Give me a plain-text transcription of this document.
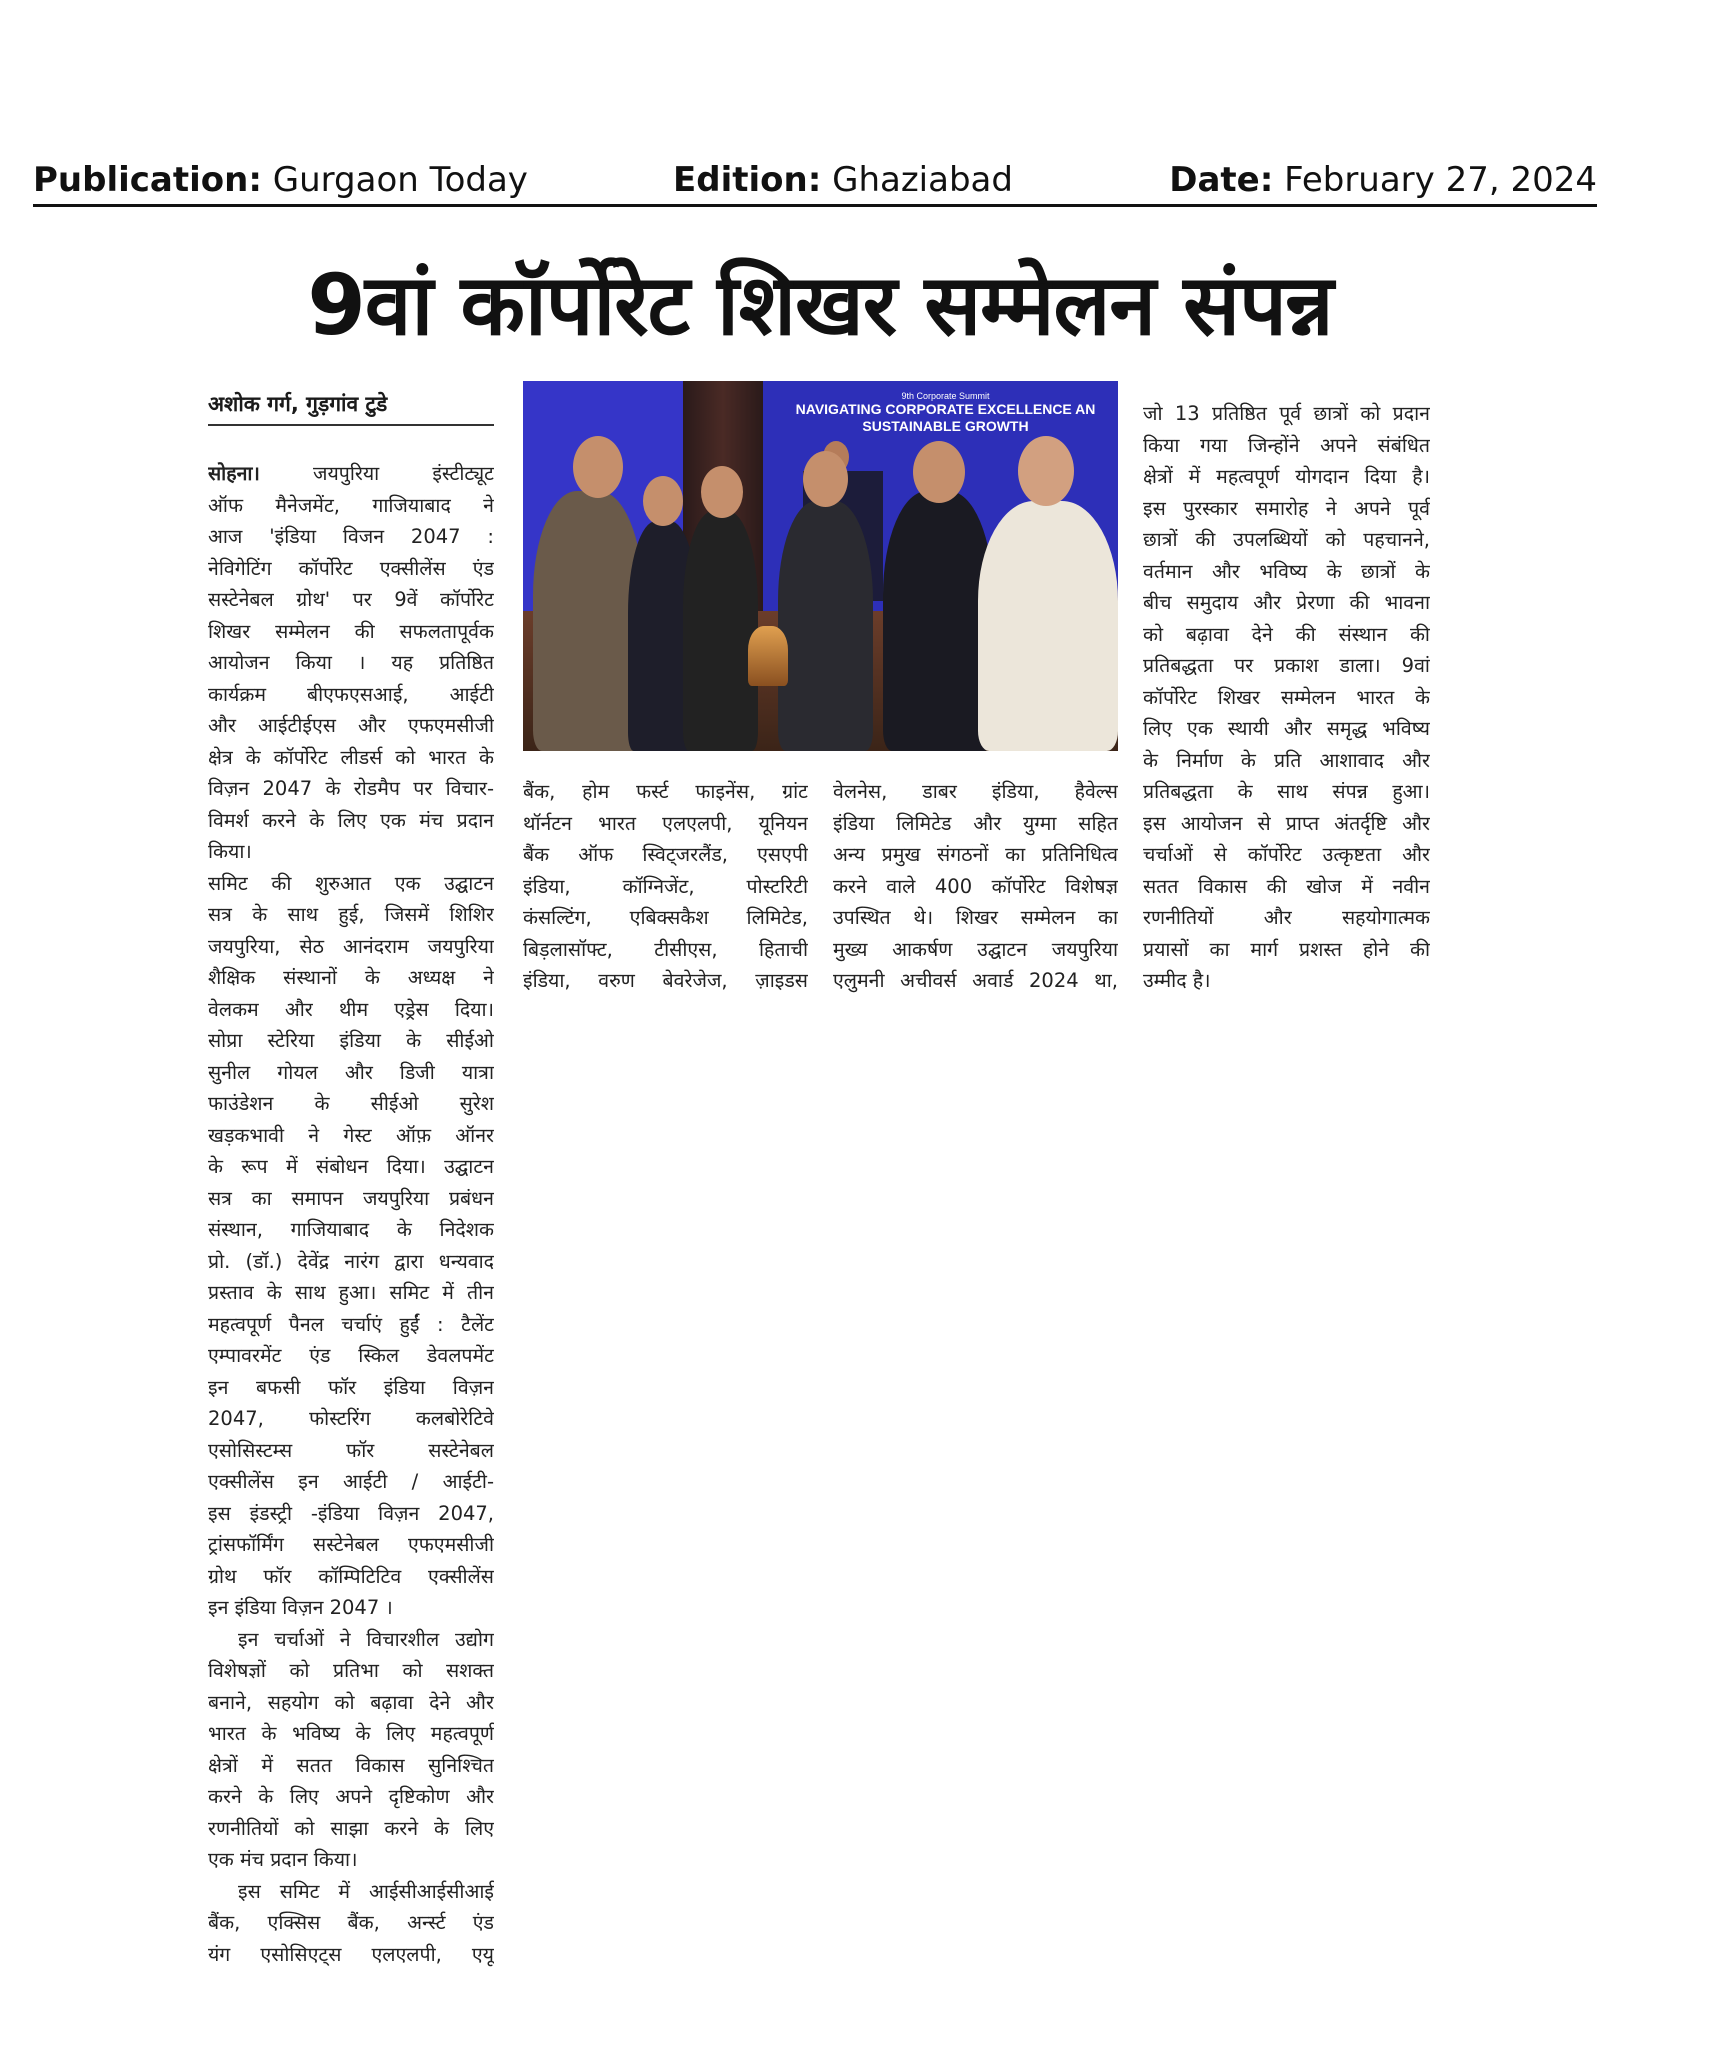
Publication: Gurgaon Today	Edition: Ghaziabad	Date: February 27, 2024
9वां कॉर्पोरेट शिखर सम्मेलन संपन्न
अशोक गर्ग, गुड़गांव टुडे	9th Corporate Summit
NAVIGATING CORPORATE EXCELLENCE AN
SUSTAINABLE GROWTH
सोहना। जयपुरिया इंस्टीट्यूट
ऑफ मैनेजमेंट, गाजियाबाद ने
आज 'इंडिया विजन 2047 :
नेविगेटिंग कॉर्पोरेट एक्सीलेंस एंड
सस्टेनेबल ग्रोथ' पर 9वें कॉर्पोरेट
शिखर सम्मेलन की सफलतापूर्वक
आयोजन किया । यह प्रतिष्ठित
कार्यक्रम बीएफएसआई, आईटी
और आईटीईएस और एफएमसीजी
क्षेत्र के कॉर्पोरेट लीडर्स को भारत के
विज़न 2047 के रोडमैप पर विचार-
विमर्श करने के लिए एक मंच प्रदान
किया।
समिट की शुरुआत एक उद्घाटन
सत्र के साथ हुई, जिसमें शिशिर
जयपुरिया, सेठ आनंदराम जयपुरिया
शैक्षिक संस्थानों के अध्यक्ष ने
वेलकम और थीम एड्रेस दिया।
सोप्रा स्टेरिया इंडिया के सीईओ
सुनील गोयल और डिजी यात्रा
फाउंडेशन के सीईओ सुरेश
खड़कभावी ने गेस्ट ऑफ़ ऑनर
के रूप में संबोधन दिया। उद्घाटन
सत्र का समापन जयपुरिया प्रबंधन
संस्थान, गाजियाबाद के निदेशक
प्रो. (डॉ.) देवेंद्र नारंग द्वारा धन्यवाद
प्रस्ताव के साथ हुआ। समिट में तीन
महत्वपूर्ण पैनल चर्चाएं हुईं : टैलेंट
एम्पावरमेंट एंड स्किल डेवलपमेंट
इन बफसी फॉर इंडिया विज़न
2047, फोस्टरिंग कलबोरेटिवे
एसोसिस्टम्स फॉर सस्टेनेबल
एक्सीलेंस इन आईटी / आईटी-
इस इंडस्ट्री -इंडिया विज़न 2047,
ट्रांसफॉर्मिंग सस्टेनेबल एफएमसीजी
ग्रोथ फॉर कॉम्पिटिटिव एक्सीलेंस
इन इंडिया विज़न 2047 ।
इन चर्चाओं ने विचारशील उद्योग
विशेषज्ञों को प्रतिभा को सशक्त
बनाने, सहयोग को बढ़ावा देने और
भारत के भविष्य के लिए महत्वपूर्ण
क्षेत्रों में सतत विकास सुनिश्चित
करने के लिए अपने दृष्टिकोण और
रणनीतियों को साझा करने के लिए
एक मंच प्रदान किया।
इस समिट में आईसीआईसीआई
बैंक, एक्सिस बैंक, अर्न्स्ट एंड
यंग एसोसिएट्स एलएलपी, एयू
बैंक, होम फर्स्ट फाइनेंस, ग्रांट
थॉर्नटन भारत एलएलपी, यूनियन
बैंक ऑफ स्विट्जरलैंड, एसएपी
इंडिया, कॉग्निजेंट, पोस्टरिटी
कंसल्टिंग, एबिक्सकैश लिमिटेड,
बिड़लासॉफ्ट, टीसीएस, हिताची
इंडिया, वरुण बेवरेजेज, ज़ाइडस
वेलनेस, डाबर इंडिया, हैवेल्स
इंडिया लिमिटेड और युग्मा सहित
अन्य प्रमुख संगठनों का प्रतिनिधित्व
करने वाले 400 कॉर्पोरेट विशेषज्ञ
उपस्थित थे। शिखर सम्मेलन का
मुख्य आकर्षण उद्घाटन जयपुरिया
एलुमनी अचीवर्स अवार्ड 2024 था,
जो 13 प्रतिष्ठित पूर्व छात्रों को प्रदान
किया गया जिन्होंने अपने संबंधित
क्षेत्रों में महत्वपूर्ण योगदान दिया है।
इस पुरस्कार समारोह ने अपने पूर्व
छात्रों की उपलब्धियों को पहचानने,
वर्तमान और भविष्य के छात्रों के
बीच समुदाय और प्रेरणा की भावना
को बढ़ावा देने की संस्थान की
प्रतिबद्धता पर प्रकाश डाला। 9वां
कॉर्पोरेट शिखर सम्मेलन भारत के
लिए एक स्थायी और समृद्ध भविष्य
के निर्माण के प्रति आशावाद और
प्रतिबद्धता के साथ संपन्न हुआ।
इस आयोजन से प्राप्त अंतर्दृष्टि और
चर्चाओं से कॉर्पोरेट उत्कृष्टता और
सतत विकास की खोज में नवीन
रणनीतियों और सहयोगात्मक
प्रयासों का मार्ग प्रशस्त होने की
उम्मीद है।
